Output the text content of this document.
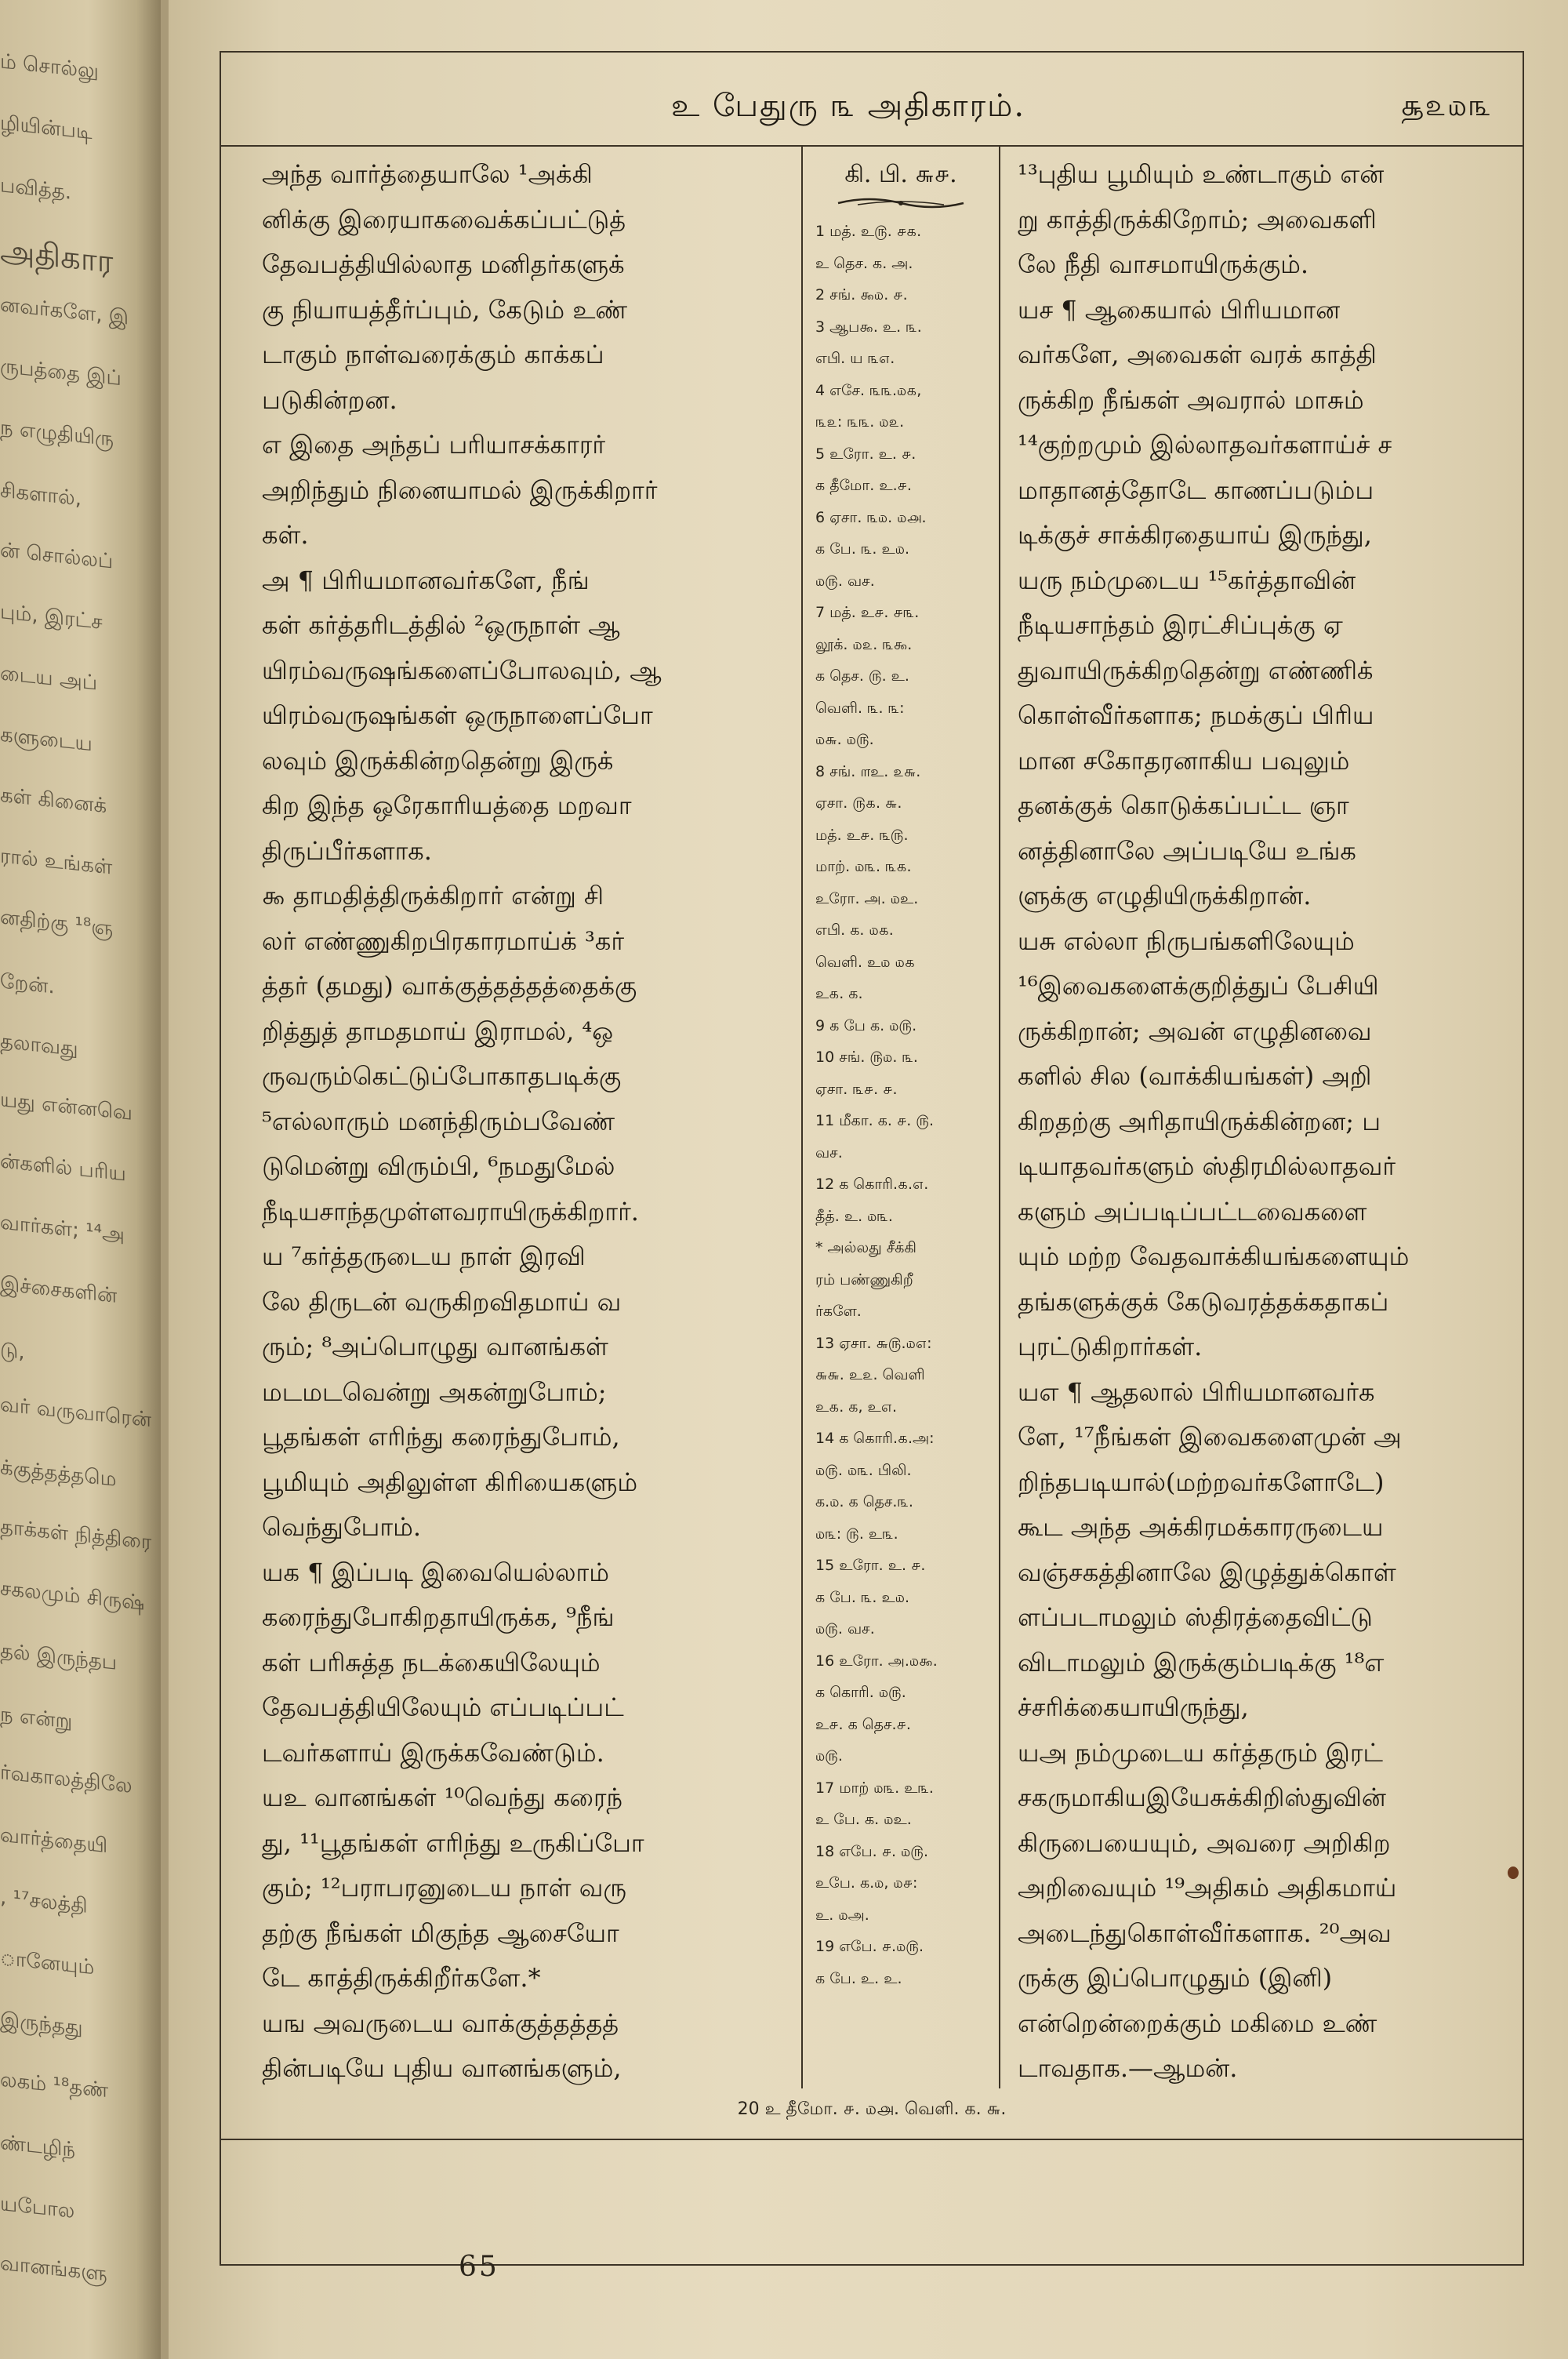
ம் சொல்லு
ழியின்படி
பவித்த.
அதிகார
னவர்களே, இ
ருபத்தை இப்
ந எழுதியிரு
சிகளால்,
ன் சொல்லப்
பும், இரட்ச
டைய அப்
களுடைய
கள் கினைக்
ரால் உங்கள்
னதிற்கு ¹⁸ஞ
றேன்.
தலாவது
யது என்னவெ
ன்களில் பரிய
வார்கள்; ¹⁴அ
இச்சைகளின்
டு,
வர் வருவாரென்
க்குத்தத்தமெ
தாக்கள் நித்திரை
சகலமும் சிருஷ்
தல் இருந்தப
ந என்று
ர்வகாலத்திலே
வார்த்தையி
, ¹⁷சலத்தி
ானேயும்
இருந்தது
லகம் ¹⁸தண்
ண்டழிந்
யபோல
வானங்களு
உ பேதுரு ௩ அதிகாரம்.	௲௨௰௩
அந்த வார்த்தையாலே ¹அக்கி
னிக்கு இரையாகவைக்கப்பட்டுத்
தேவபத்தியில்லாத மனிதர்களுக்
கு நியாயத்தீர்ப்பும், கேடும் உண்
டாகும் நாள்வரைக்கும் காக்கப்
படுகின்றன.
எ இதை அந்தப் பரியாசக்காரர்
அறிந்தும் நினையாமல் இருக்கிறார்
கள்.
அ ¶ பிரியமானவர்களே, நீங்
கள் கர்த்தரிடத்தில் ²ஒருநாள் ஆ
யிரம்வருஷங்களைப்போலவும், ஆ
யிரம்வருஷங்கள் ஒருநாளைப்போ
லவும் இருக்கின்றதென்று இருக்
கிற இந்த ஒரேகாரியத்தை மறவா
திருப்பீர்களாக.
௯ தாமதித்திருக்கிறார் என்று சி
லர் எண்ணுகிறபிரகாரமாய்க் ³கர்
த்தர் (தமது) வாக்குத்தத்தத்தைக்கு
றித்துத் தாமதமாய் இராமல், ⁴ஒ
ருவரும்கெட்டுப்போகாதபடிக்கு
⁵எல்லாரும் மனந்திரும்பவேண்
டுமென்று விரும்பி, ⁶நமதுமேல்
நீடியசாந்தமுள்ளவராயிருக்கிறார்.
ய ⁷கர்த்தருடைய நாள் இரவி
லே திருடன் வருகிறவிதமாய் வ
ரும்; ⁸அப்பொழுது வானங்கள்
மடமடவென்று அகன்றுபோம்;
பூதங்கள் எரிந்து கரைந்துபோம்,
பூமியும் அதிலுள்ள கிரியைகளும்
வெந்துபோம்.
யக ¶ இப்படி இவையெல்லாம்
கரைந்துபோகிறதாயிருக்க, ⁹நீங்
கள் பரிசுத்த நடக்கையிலேயும்
தேவபத்தியிலேயும் எப்படிப்பட்
டவர்களாய் இருக்கவேண்டும்.
யஉ வானங்கள் ¹⁰வெந்து கரைந்
து, ¹¹பூதங்கள் எரிந்து உருகிப்போ
கும்; ¹²பராபரனுடைய நாள் வரு
தற்கு நீங்கள் மிகுந்த ஆசையோ
டே காத்திருக்கிறீர்களே.*
யங அவருடைய வாக்குத்தத்தத்
தின்படியே புதிய வானங்களும்,
கி. பி. ௬௪.
1 மத். உ௫. ௪௧.
உ தெச. க. அ.
2 சங். ௯௰. ௪.
3 ஆப௯. உ. ௩.
எபி. ய ௩௭.
4 எசே. ௩௩.௰௧,
௩௨: ௩௩. ௰௨.
5 உரோ. உ. ௪.
க தீமோ. உ.௪.
6 ஏசா. ௩௰. ௰௮.
க பே. ௩. உ௰.
௰௫. வச.
7 மத். உ௪. ௪௩.
லூக். ௰௨. ௩௯.
க தெச. ௫. உ.
வெளி. ௩. ௩:
௰௬. ௰௫.
8 சங். ௱உ. ௨௬.
ஏசா. ௫௧. ௬.
மத். உ௪. ௩௫.
மாற். ௰௩. ௩௧.
உரோ. அ. ௰உ.
எபி. க. ௰௧.
வெளி. உ௰ ௰௧
உ௧. க.
9 க பே க. ௰௫.
10 சங். ௫௰. ௩.
ஏசா. ௩௪. ௪.
11 மீகா. க. ௪. ௫.
வச.
12 க கொரி.௧.௭.
தீத். உ. ௰௩.
* அல்லது சீக்கி
ரம் பண்ணுகிறீ
ர்களே.
13 ஏசா. ௬௫.௰௭:
௬௬. உ௨. வெளி
உ௧. க, உ௭.
14 க கொரி.௧.அ:
௰௫. ௰௩. பிலி.
க.௰. க தெச.௩.
௰௩: ௫. உ௩.
15 உரோ. உ. ௪.
க பே. ௩. உ௰.
௰௫. வச.
16 உரோ. அ.௰௯.
க கொரி. ௰௫.
உ௪. க தெச.௪.
௰௫.
17 மாற் ௰௩. உ௩.
உ பே. க. ௰உ.
18 எபே. ௪. ௰௫.
உபே. க.௰, ௰௪:
உ. ௰அ.
19 எபே. ௪.௰௫.
க பே. உ. உ.
¹³புதிய பூமியும் உண்டாகும் என்
று காத்திருக்கிறோம்; அவைகளி
லே நீதி வாசமாயிருக்கும்.
யச ¶ ஆகையால் பிரியமான
வர்களே, அவைகள் வரக் காத்தி
ருக்கிற நீங்கள் அவரால் மாசும்
¹⁴குற்றமும் இல்லாதவர்களாய்ச் ச
மாதானத்தோடே காணப்படும்ப
டிக்குச் சாக்கிரதையாய் இருந்து,
யரு நம்முடைய ¹⁵கர்த்தாவின்
நீடியசாந்தம் இரட்சிப்புக்கு ஏ
துவாயிருக்கிறதென்று எண்ணிக்
கொள்வீர்களாக; நமக்குப் பிரிய
மான சகோதரனாகிய பவுலும்
தனக்குக் கொடுக்கப்பட்ட ஞா
னத்தினாலே அப்படியே உங்க
ளுக்கு எழுதியிருக்கிறான்.
யசு எல்லா நிருபங்களிலேயும்
¹⁶இவைகளைக்குறித்துப் பேசியி
ருக்கிறான்; அவன் எழுதினவை
களில் சில (வாக்கியங்கள்) அறி
கிறதற்கு அரிதாயிருக்கின்றன; ப
டியாதவர்களும் ஸ்திரமில்லாதவர்
களும் அப்படிப்பட்டவைகளை
யும் மற்ற வேதவாக்கியங்களையும்
தங்களுக்குக் கேடுவரத்தக்கதாகப்
புரட்டுகிறார்கள்.
யஎ ¶ ஆதலால் பிரியமானவர்க
ளே, ¹⁷நீங்கள் இவைகளைமுன் அ
றிந்தபடியால்(மற்றவர்களோடே)
கூட அந்த அக்கிரமக்காரருடைய
வஞ்சகத்தினாலே இழுத்துக்கொள்
ளப்படாமலும் ஸ்திரத்தைவிட்டு
விடாமலும் இருக்கும்படிக்கு ¹⁸எ
ச்சரிக்கையாயிருந்து,
யஅ நம்முடைய கர்த்தரும் இரட்
சகருமாகியஇயேசுக்கிறிஸ்துவின்
கிருபையையும், அவரை அறிகிற
அறிவையும் ¹⁹அதிகம் அதிகமாய்
அடைந்துகொள்வீர்களாக. ²⁰அவ
ருக்கு இப்பொழுதும் (இனி)
என்றென்றைக்கும் மகிமை உண்
டாவதாக.—ஆமன்.
20 உ தீமோ. ௪. ௰௮. வெளி. க. ௬.
65
